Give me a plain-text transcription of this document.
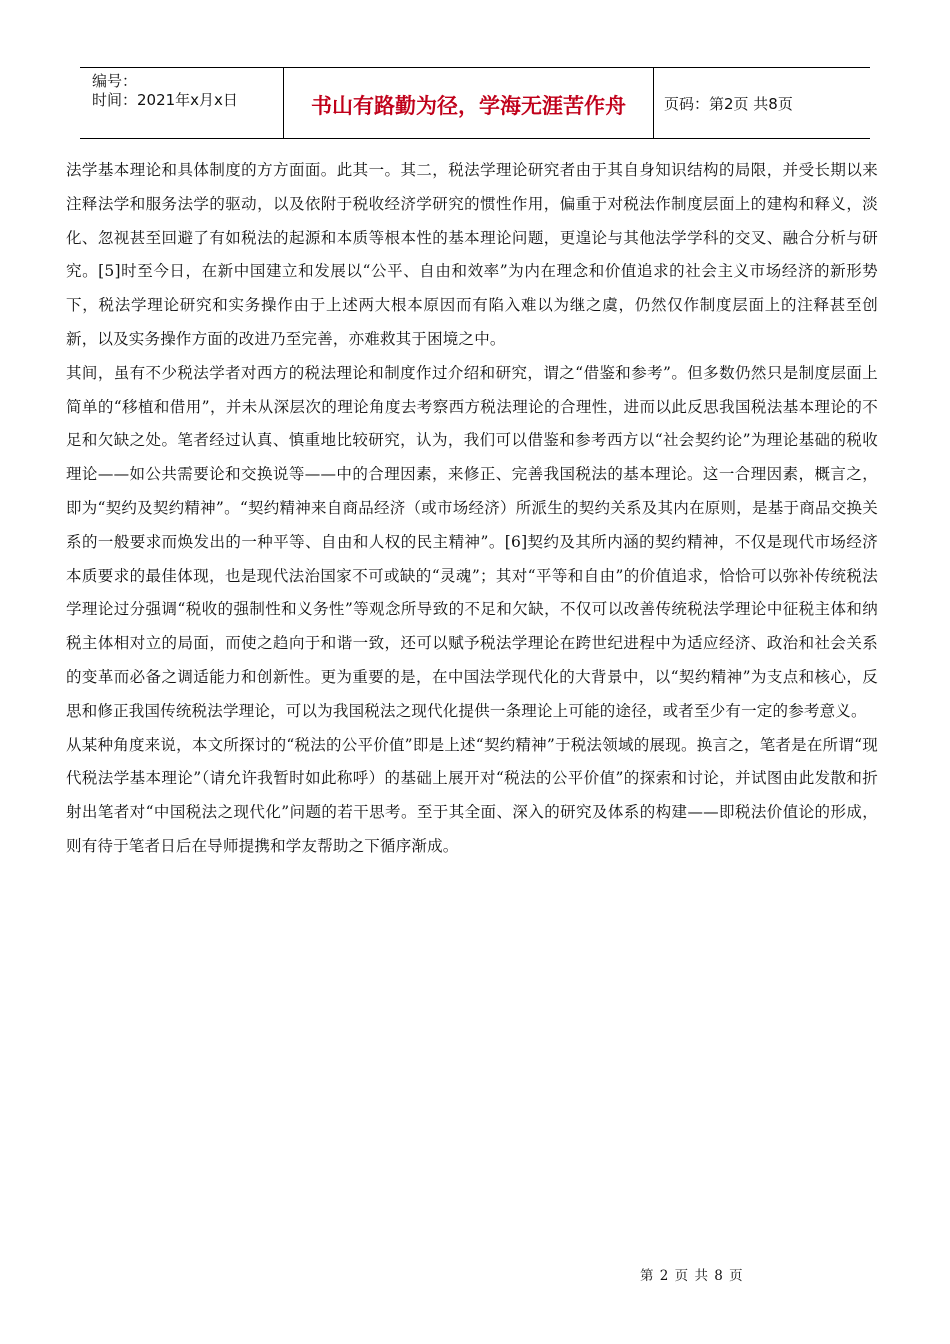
编号：
时间：2021年x月x日	书山有路勤为径，学海无涯苦作舟	页码：第2页 共8页

法学基本理论和具体制度的方方面面。此其一。其二，税法学理论研究者由于其自身知识结构的局限，并受长期以来注释法学和服务法学的驱动，以及依附于税收经济学研究的惯性作用，偏重于对税法作制度层面上的建构和释义，淡化、忽视甚至回避了有如税法的起源和本质等根本性的基本理论问题，更遑论与其他法学学科的交叉、融合分析与研究。[5]时至今日，在新中国建立和发展以“公平、自由和效率”为内在理念和价值追求的社会主义市场经济的新形势下，税法学理论研究和实务操作由于上述两大根本原因而有陷入难以为继之虞，仍然仅作制度层面上的注释甚至创新，以及实务操作方面的改进乃至完善，亦难救其于困境之中。

其间，虽有不少税法学者对西方的税法理论和制度作过介绍和研究，谓之“借鉴和参考”。但多数仍然只是制度层面上简单的“移植和借用”，并未从深层次的理论角度去考察西方税法理论的合理性，进而以此反思我国税法基本理论的不足和欠缺之处。笔者经过认真、慎重地比较研究，认为，我们可以借鉴和参考西方以“社会契约论”为理论基础的税收理论——如公共需要论和交换说等——中的合理因素，来修正、完善我国税法的基本理论。这一合理因素，概言之，即为“契约及契约精神”。“契约精神来自商品经济（或市场经济）所派生的契约关系及其内在原则，是基于商品交换关系的一般要求而焕发出的一种平等、自由和人权的民主精神”。[6]契约及其所内涵的契约精神，不仅是现代市场经济本质要求的最佳体现，也是现代法治国家不可或缺的“灵魂”；其对“平等和自由”的价值追求，恰恰可以弥补传统税法学理论过分强调“税收的强制性和义务性”等观念所导致的不足和欠缺，不仅可以改善传统税法学理论中征税主体和纳税主体相对立的局面，而使之趋向于和谐一致，还可以赋予税法学理论在跨世纪进程中为适应经济、政治和社会关系的变革而必备之调适能力和创新性。更为重要的是，在中国法学现代化的大背景中，以“契约精神”为支点和核心，反思和修正我国传统税法学理论，可以为我国税法之现代化提供一条理论上可能的途径，或者至少有一定的参考意义。

从某种角度来说，本文所探讨的“税法的公平价值”即是上述“契约精神”于税法领域的展现。换言之，笔者是在所谓“现代税法学基本理论”（请允许我暂时如此称呼）的基础上展开对“税法的公平价值”的探索和讨论，并试图由此发散和折射出笔者对“中国税法之现代化”问题的若干思考。至于其全面、深入的研究及体系的构建——即税法价值论的形成，则有待于笔者日后在导师提携和学友帮助之下循序渐成。

第 2 页 共 8 页
